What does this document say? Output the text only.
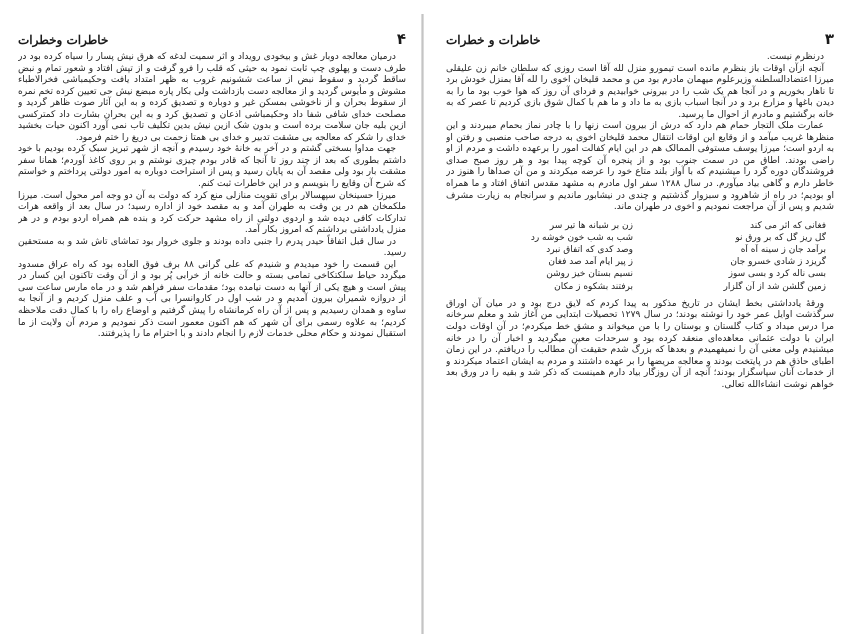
۴
خاطرات وخطرات

درمیان معالجه دوبار غش و بیخودی رویداد و اثر سمیت لدغه که هرق نیش پسار را سیاه کرده بود در طرف دست و پهلوی چپ ثابت نمود به حیثی که قلب را فرو گرفت و از تپش افتاد و شعور تمام و نبض ساقط گردید و سقوط نبض از ساعت ششونیم غروب به ظهر امتداد یافت وحکیمباشی فخرالاطباء مشوش و مأیوس گردید و از معالجه دست بازداشت ولی بکار پاره مبضع نیش حی تعیین کرده تخم نمره از سقوط بحران و از ناخوشی بمسکن غیر و دوباره و تصدیق کرده و به این آثار صوت ظاهر گردید و مصلحت خدای شافی شفا داد وحکیمباشی اذعان و تصدیق کرد و به این بحران بشارت داد کمترکسی ازین بلیه جان سلامت برده است و بدون شک ازین نیش بدین تکلیف تاب نمی آورد اکنون حیات بخشید خدای را شکر که معالجه بی مشقت تدبیر و خدای بی همتا زحمت بی دریغ را ختم فرمود.

جهت مداوا بسختی گشتم و در آخر به خانهٔ خود رسیدم و آنچه از شهر تبریز سبک کرده بودیم با خود داشتم بطوری که بعد از چند روز تا آنجا که قادر بودم چیزی نوشتم و بر روی کاغذ آوردم؛ همانا سفر مشقت بار بود ولی مقصد آن به پایان رسید و پس از استراحت دوباره به امور دولتی پرداختم و خواستم که شرح آن وقایع را بنویسم و در این خاطرات ثبت کنم.

میرزا حسینخان سپهسالار برای تقویت منازلی منع کرد که دولت به آن دو وجه امر محول است. میرزا ملکمخان هم در ین وقت به طهران آمد و به مقصد خود از اداره رسید؛ در سال بعد از واقعه هرات تدارکات کافی دیده شد و اردوی دولتی از راه مشهد حرکت کرد و بنده هم همراه اردو بودم و در هر منزل یادداشتی برداشتم که امروز بکار آمد.

در سال قبل اتفاقاً حیدر پدرم را جنبی داده بودند و جلوی خروار بود تماشای تاش شد و به مستحقین رسید.

این قسمت را خود میدیدم و شنیدم که علی گرانی ۸۸ برف فوق العاده بود که راه عراق مسدود میگردد حیاط سلکتکاخی تمامی بسته و حالت خانه از خرابی پُر بود و از آن وقت تاکنون این کسار در پیش است و هیچ یکی از آنها به دست نیامده بود؛ مقدمات سفر فراهم شد و در ماه مارس ساعت سی از دروازه شمیران بیرون آمدیم و در شب اول در کاروانسرا بی آب و علف منزل کردیم و از آنجا به ساوه و همدان رسیدیم و پس از آن راه کرمانشاه را پیش گرفتیم و اوضاع راه را با کمال دقت ملاحظه کردیم؛ به علاوه رسمی برای آن شهر که هم اکنون معمور است ذکر نمودیم و مردم آن ولایت از ما استقبال نمودند و حکام محلی خدمات لازم را انجام دادند و با احترام ما را پذیرفتند.

۳
خاطرات و خطرات

درنظرم نیست.

آنچه ازآن اوقات باز بنظرم مانده است تیمورو منزل لله آقا است روزی که سلطان خانم زن علیقلی میرزا اعتضادالسلطنه وزیرعلوم میهمان مادرم بود من و محمد قلیخان اخوی را لله آقا بمنزل خودش برد تا ناهار بخوریم و در آنجا هم یک شب را در بیرونی خوابیدیم و فردای آن روز که هوا خوب بود ما را به دیدن باغها و مزارع برد و در آنجا اسباب بازی به ما داد و ما هم با کمال شوق بازی کردیم تا عصر که به خانه برگشتیم و مادرم از احوال ما پرسید.

عمارت ملک التجار حمام هم دارد که درش از بیرون است زنها را با چادر نماز بحمام میبردند و این منظرها غریب میآمد و از وقایع این اوقات انتقال محمد قلیخان اخوی به درجه صاحب منصبی و رفتن او به اردو است؛ میرزا یوسف مستوفی الممالک هم در این ایام کفالت امور را برعهده داشت و مردم از او راضی بودند. اطاق من در سمت جنوب بود و از پنجره آن کوچه پیدا بود و هر روز صبح صدای فروشندگان دوره گرد را میشنیدم که با آواز بلند متاع خود را عرضه میکردند و من آن صداها را هنوز در خاطر دارم و گاهی بیاد میآورم. در سال ۱۲۸۸ سفر اول مادرم به مشهد مقدس اتفاق افتاد و ما همراه او بودیم؛ در راه از شاهرود و سبزوار گذشتیم و چندی در نیشابور ماندیم و سرانجام به زیارت مشرف شدیم و پس از آن مراجعت نمودیم و اخوی در طهران ماند.

فغانی که اثر می کند
زن بر شبانه ها تیر سر
گل ریز گل که بر ورق نو
شب به شب خون خوشه رد
برآمد جان ز سینه آه آه
وصد کدی که اتفاق نبرد
گریزد ز شادی خسرو جان
ز پیر ایام آمد صد فغان
بسی ناله کرد و بسی سوز
نسیم بستان خیز روشن
زمین گلشن شد از آن گلزار
برفتند بشکوه ز مکان

ورقهٔ یادداشتی بخط ایشان در تاریخ مذکور به پیدا کردم که لایق درج بود و در میان آن اوراق سرگذشت اوایل عمر خود را نوشته بودند؛ در سال ۱۲۷۹ تحصیلات ابتدایی من آغاز شد و معلم سرخانه مرا درس میداد و کتاب گلستان و بوستان را با من میخواند و مشق خط میکردم؛ در آن اوقات دولت ایران با دولت عثمانی معاهده‌ای منعقد کرده بود و سرحدات معین میگردید و اخبار آن را در خانه میشنیدم ولی معنی آن را نمیفهمیدم و بعدها که بزرگ شدم حقیقت آن مطالب را دریافتم. در این زمان اطبای حاذق هم در پایتخت بودند و معالجه مریضها را بر عهده داشتند و مردم به ایشان اعتماد میکردند و از خدمات آنان سپاسگزار بودند؛ آنچه از آن روزگار بیاد دارم همینست که ذکر شد و بقیه را در ورق بعد خواهم نوشت انشاءالله تعالی.
